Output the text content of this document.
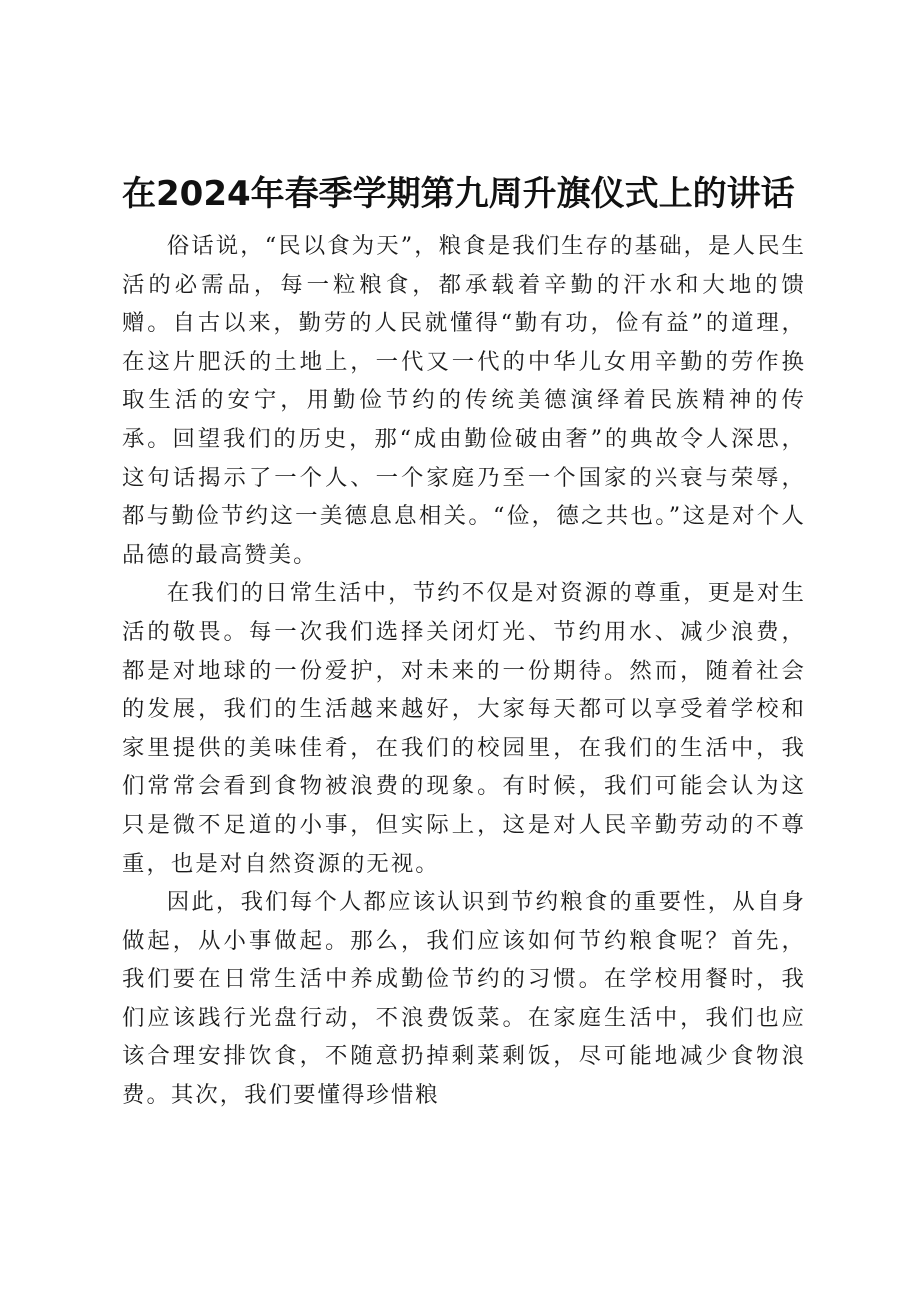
在2024年春季学期第九周升旗仪式上的讲话

俗话说，“民以食为天”，粮食是我们生存的基础，是人民生活的必需品，每一粒粮食，都承载着辛勤的汗水和大地的馈赠。自古以来，勤劳的人民就懂得“勤有功，俭有益”的道理，在这片肥沃的土地上，一代又一代的中华儿女用辛勤的劳作换取生活的安宁，用勤俭节约的传统美德演绎着民族精神的传承。回望我们的历史，那“成由勤俭破由奢”的典故令人深思，这句话揭示了一个人、一个家庭乃至一个国家的兴衰与荣辱，都与勤俭节约这一美德息息相关。“俭，德之共也。”这是对个人品德的最高赞美。

在我们的日常生活中，节约不仅是对资源的尊重，更是对生活的敬畏。每一次我们选择关闭灯光、节约用水、减少浪费，都是对地球的一份爱护，对未来的一份期待。然而，随着社会的发展，我们的生活越来越好，大家每天都可以享受着学校和家里提供的美味佳肴，在我们的校园里，在我们的生活中，我们常常会看到食物被浪费的现象。有时候，我们可能会认为这只是微不足道的小事，但实际上，这是对人民辛勤劳动的不尊重，也是对自然资源的无视。

因此，我们每个人都应该认识到节约粮食的重要性，从自身做起，从小事做起。那么，我们应该如何节约粮食呢？首先，我们要在日常生活中养成勤俭节约的习惯。在学校用餐时，我们应该践行光盘行动，不浪费饭菜。在家庭生活中，我们也应该合理安排饮食，不随意扔掉剩菜剩饭，尽可能地减少食物浪费。其次，我们要懂得珍惜粮
